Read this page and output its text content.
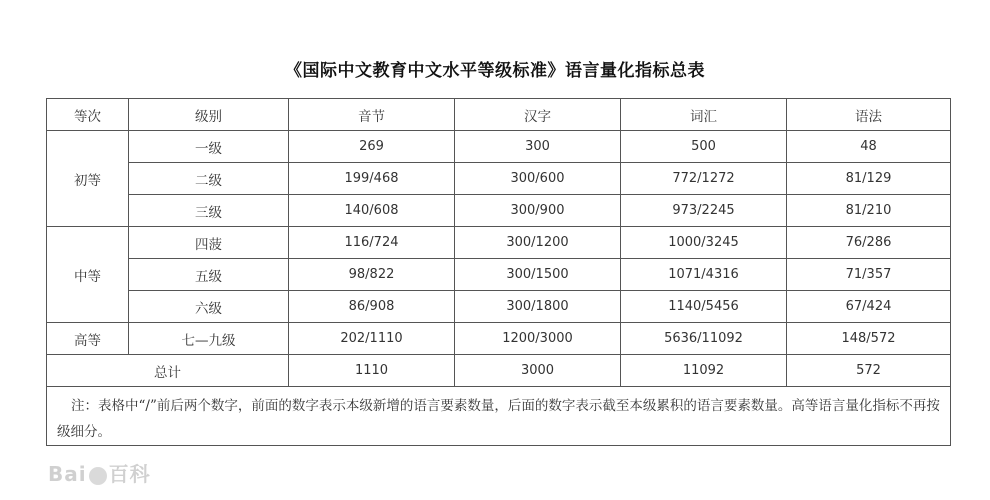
《国际中文教育中文水平等级标准》语言量化指标总表
等次	级别	音节	汉字	词汇	语法
初等	一级	269	300	500	48
	二级	199/468	300/600	772/1272	81/129
	三级	140/608	300/900	973/2245	81/210
中等	四菠	116/724	300/1200	1000/3245	76/286
	五级	98/822	300/1500	1071/4316	71/357
	六级	86/908	300/1800	1140/5456	67/424
高等	七—九级	202/1110	1200/3000	5636/11092	148/572
总计		1110	3000	11092	572
注：表格中“/”前后两个数字，前面的数字表示本级新增的语言要素数量，后面的数字表示截至本级累积的语言要素数量。高等语言量化指标不再按级细分。					
Bai 百科
